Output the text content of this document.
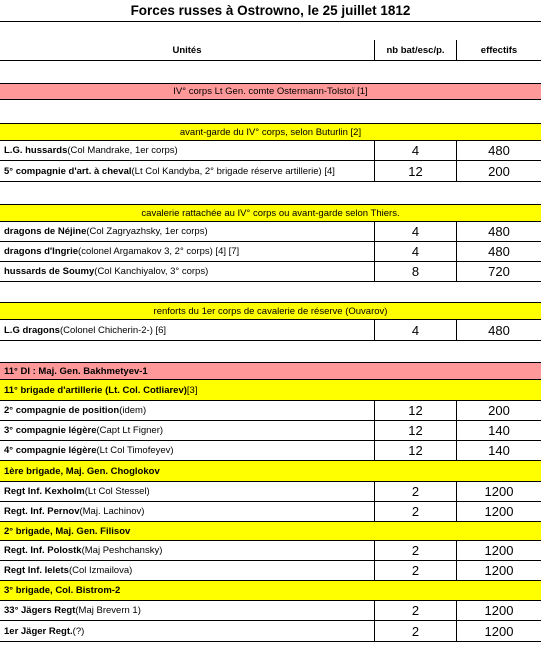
Forces russes à Ostrowno, le 25 juillet 1812
Unités	nb bat/esc/p.	effectifs
IV° corps Lt Gen. comte Ostermann-Tolstoï [1]
avant-garde du IV° corps, selon Buturlin [2]
L.G. hussards (Col Mandrake, 1er corps)	4	480
5° compagnie d'art. à cheval (Lt Col Kandyba, 2° brigade réserve artillerie) [4]	12	200
cavalerie rattachée au IV° corps ou avant-garde selon Thiers.
dragons de Néjine (Col Zagryazhsky, 1er corps)	4	480
dragons d'Ingrie (colonel Argamakov 3, 2° corps) [4] [7]	4	480
hussards de Soumy (Col Kanchiyalov, 3° corps)	8	720
renforts du 1er corps de cavalerie de réserve (Ouvarov)
L.G dragons (Colonel Chicherin-2-) [6]	4	480
11° DI : Maj. Gen. Bakhmetyev-1
11° brigade d'artillerie (Lt. Col. Cotliarev) [3]
2° compagnie de position (idem)	12	200
3° compagnie légère (Capt Lt Figner)	12	140
4° compagnie légère (Lt Col Timofeyev)	12	140
1ère brigade, Maj. Gen. Choglokov
Regt Inf. Kexholm (Lt Col Stessel)	2	1200
Regt. Inf. Pernov (Maj. Lachinov)	2	1200
2° brigade, Maj. Gen. Filisov
Regt. Inf. Polostk (Maj Peshchansky)	2	1200
Regt Inf. Ielets (Col Izmailova)	2	1200
3° brigade, Col. Bistrom-2
33° Jägers Regt (Maj Brevern 1)	2	1200
1er Jäger Regt. (?)	2	1200
